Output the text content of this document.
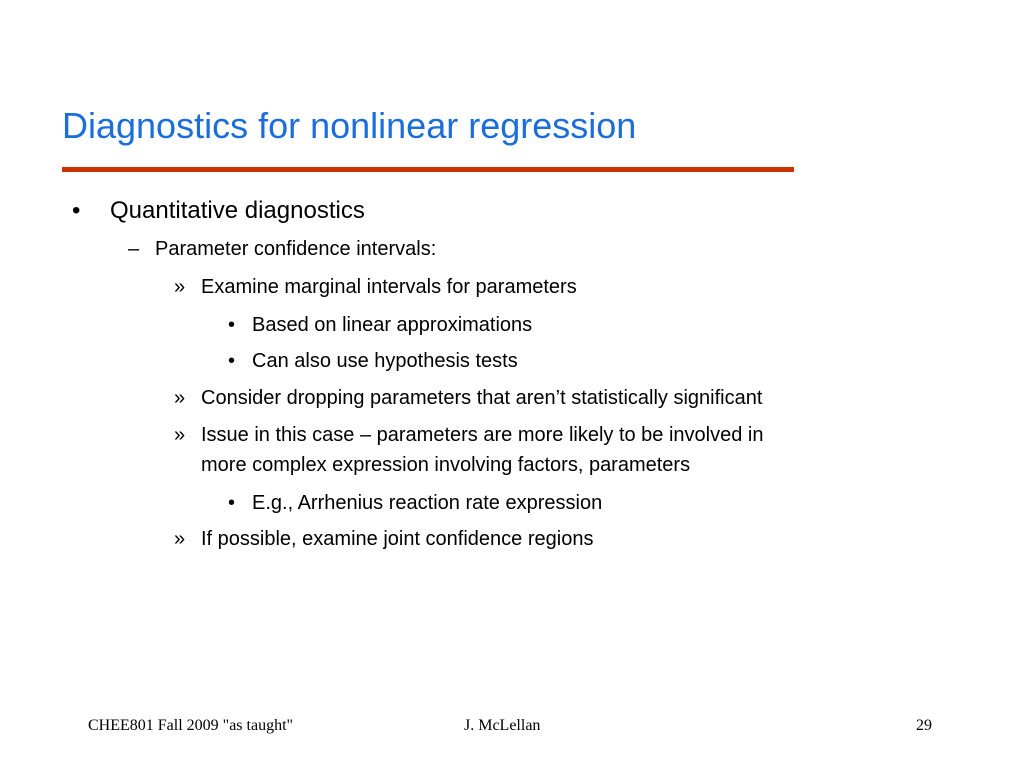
Diagnostics for nonlinear regression
• Quantitative diagnostics
– Parameter confidence intervals:
» Examine marginal intervals for parameters
• Based on linear approximations
• Can also use hypothesis tests
» Consider dropping parameters that aren’t statistically significant
» Issue in this case – parameters are more likely to be involved in
more complex expression involving factors, parameters
• E.g., Arrhenius reaction rate expression
» If possible, examine joint confidence regions
CHEE801 Fall 2009 "as taught"	J. McLellan	29
